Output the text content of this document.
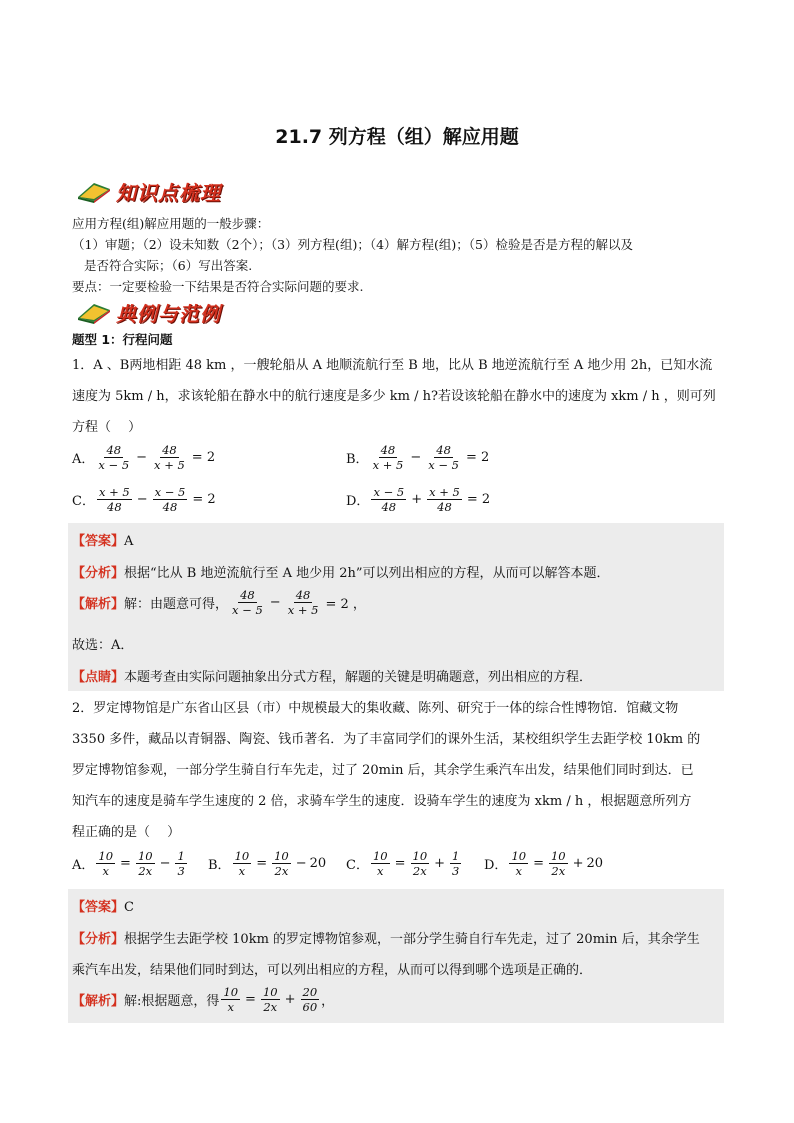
21.7 列方程（组）解应用题
知识点梳理
应用方程(组)解应用题的一般步骤：
（1）审题；（2）设未知数（2个）；（3）列方程(组)；（4）解方程(组)；（5）检验是否是方程的解以及
是否符合实际；（6）写出答案.
要点：一定要检验一下结果是否符合实际问题的要求.
典例与范例
题型 1：行程问题
1．A 、B两地相距 48 km ，一艘轮船从 A 地顺流航行至 B 地，比从 B 地逆流航行至 A 地少用 2h，已知水流
速度为 5km / h，求该轮船在静水中的航行速度是多少 km / h?若设该轮船在静水中的速度为 xkm / h ，则可列
方程（　 ）
A． $\frac{48}{x - 5} - \frac{48}{x + 5} = 2$	B． $\frac{48}{x + 5} - \frac{48}{x - 5} = 2$
C． $\frac{x + 5}{48} - \frac{x - 5}{48} = 2$	D． $\frac{x - 5}{48} + \frac{x + 5}{48} = 2$
【答案】A
【分析】根据“比从 B 地逆流航行至 A 地少用 2h”可以列出相应的方程，从而可以解答本题．
【解析】 解：由题意可得， $\frac{48}{x - 5} - \frac{48}{x + 5} = 2$ ，
故选：A．
【点睛】本题考查由实际问题抽象出分式方程，解题的关键是明确题意，列出相应的方程．
2．罗定博物馆是广东省山区县（市）中规模最大的集收藏、陈列、研究于一体的综合性博物馆．馆藏文物
3350 多件，藏品以青铜器、陶瓷、钱币著名．为了丰富同学们的课外生活，某校组织学生去距学校 10km 的
罗定博物馆参观，一部分学生骑自行车先走，过了 20min 后，其余学生乘汽车出发，结果他们同时到达．已
知汽车的速度是骑车学生速度的 2 倍，求骑车学生的速度．设骑车学生的速度为 xkm / h ，根据题意所列方
程正确的是（　 ）
A． $\frac{10}{x} = \frac{10}{2x} - \frac{1}{3}$ B． $\frac{10}{x} = \frac{10}{2x} - 20$ C． $\frac{10}{x} = \frac{10}{2x} + \frac{1}{3}$ D． $\frac{10}{x} = \frac{10}{2x} + 20$
【答案】C
【分析】根据学生去距学校 10km 的罗定博物馆参观，一部分学生骑自行车先走，过了 20min 后，其余学生
乘汽车出发，结果他们同时到达，可以列出相应的方程，从而可以得到哪个选项是正确的．
【解析】 解:根据题意，得 $\frac{10}{x} = \frac{10}{2x} + \frac{20}{60}$ ，
